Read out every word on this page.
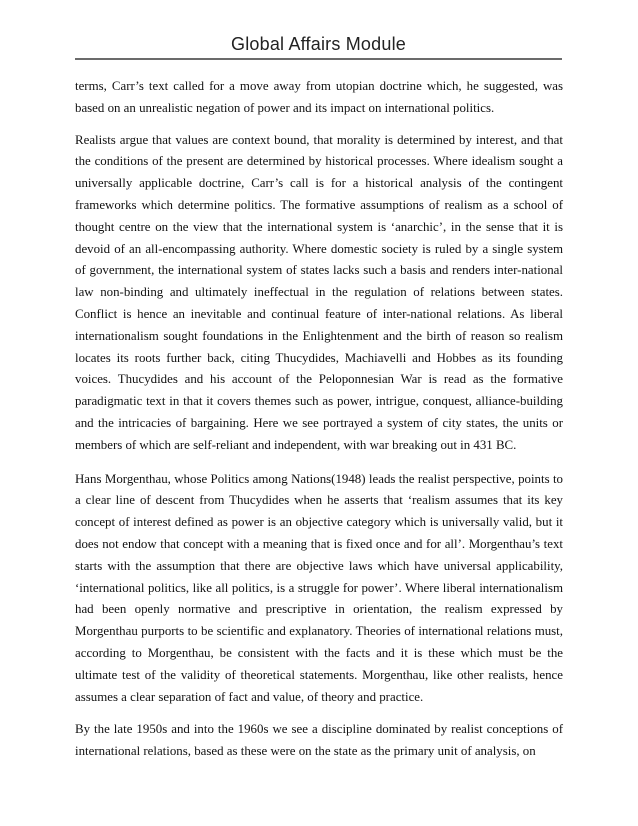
Global Affairs Module

terms, Carr’s text called for a move away from utopian doctrine which, he suggested, was based on an unrealistic negation of power and its impact on international politics.

Realists argue that values are context bound, that morality is determined by interest, and that the conditions of the present are determined by historical processes. Where idealism sought a universally applicable doctrine, Carr’s call is for a historical analysis of the contingent frameworks which determine politics. The formative assumptions of realism as a school of thought centre on the view that the international system is ‘anarchic’, in the sense that it is devoid of an all-encompassing authority. Where domestic society is ruled by a single system of government, the international system of states lacks such a basis and renders inter-national law non-binding and ultimately ineffectual in the regulation of relations between states. Conflict is hence an inevitable and continual feature of inter-national relations. As liberal internationalism sought foundations in the Enlightenment and the birth of reason so realism locates its roots further back, citing Thucydides, Machiavelli and Hobbes as its founding voices. Thucydides and his account of the Peloponnesian War is read as the formative paradigmatic text in that it covers themes such as power, intrigue, conquest, alliance-building and the intricacies of bargaining. Here we see portrayed a system of city states, the units or members of which are self-reliant and independent, with war breaking out in 431 BC.

Hans Morgenthau, whose Politics among Nations(1948) leads the realist perspective, points to a clear line of descent from Thucydides when he asserts that ‘realism assumes that its key concept of interest defined as power is an objective category which is universally valid, but it does not endow that concept with a meaning that is fixed once and for all’. Morgenthau’s text starts with the assumption that there are objective laws which have universal applicability, ‘international politics, like all politics, is a struggle for power’. Where liberal internationalism had been openly normative and prescriptive in orientation, the realism expressed by Morgenthau purports to be scientific and explanatory. Theories of international relations must, according to Morgenthau, be consistent with the facts and it is these which must be the ultimate test of the validity of theoretical statements. Morgenthau, like other realists, hence assumes a clear separation of fact and value, of theory and practice.

By the late 1950s and into the 1960s we see a discipline dominated by realist conceptions of international relations, based as these were on the state as the primary unit of analysis, on
